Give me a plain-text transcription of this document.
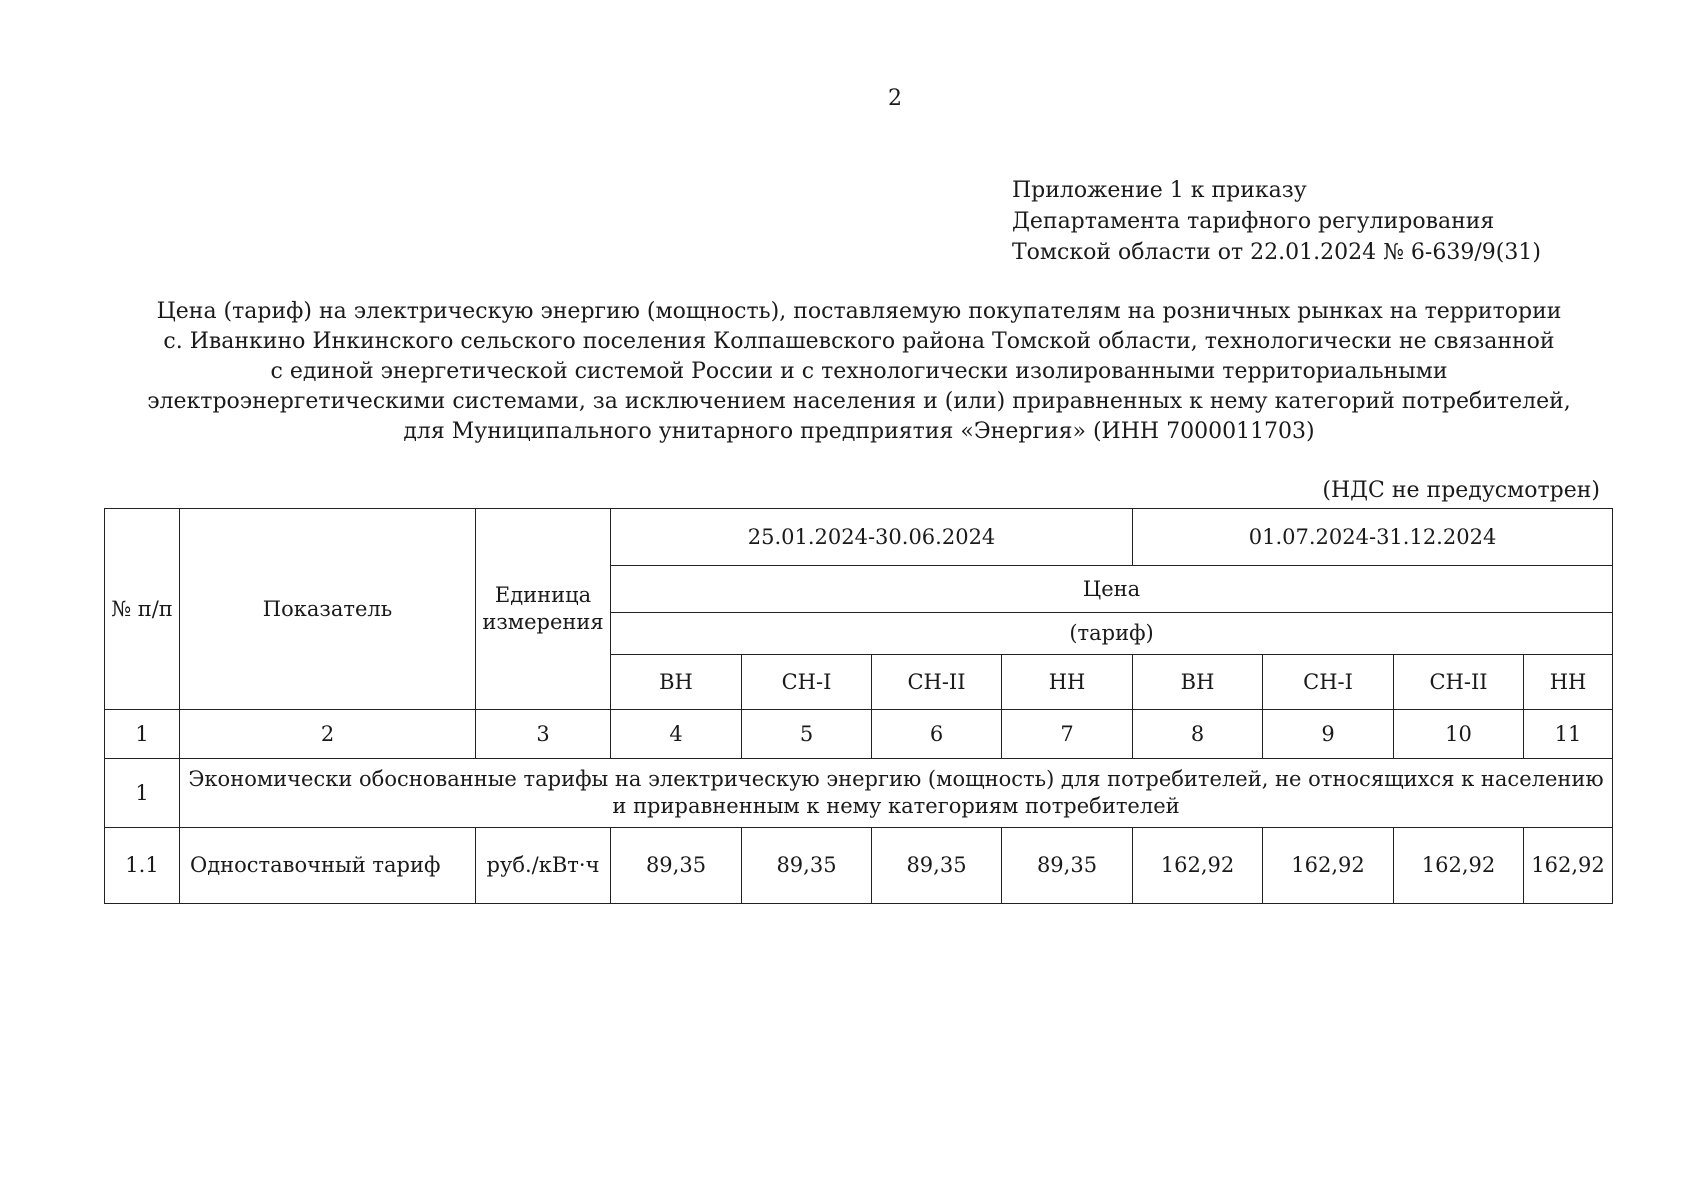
2
Приложение 1 к приказу
Департамента тарифного регулирования
Томской области от 22.01.2024 № 6-639/9(31)
Цена (тариф) на электрическую энергию (мощность), поставляемую покупателям на розничных рынках на территории
с. Иванкино Инкинского сельского поселения Колпашевского района Томской области, технологически не связанной
с единой энергетической системой России и с технологически изолированными территориальными
электроэнергетическими системами, за исключением населения и (или) приравненных к нему категорий потребителей,
для Муниципального унитарного предприятия «Энергия» (ИНН 7000011703)
(НДС не предусмотрен)
№ п/п	Показатель	Единица измерения	25.01.2024-30.06.2024				01.07.2024-31.12.2024			
			Цена							
			(тариф)							
			ВН	СН-I	СН-II	НН	ВН	СН-I	СН-II	НН
1	2	3	4	5	6	7	8	9	10	11
1	Экономически обоснованные тарифы на электрическую энергию (мощность) для потребителей, не относящихся к населению и приравненным к нему категориям потребителей									
1.1	Одноставочный тариф	руб./кВт·ч	89,35	89,35	89,35	89,35	162,92	162,92	162,92	162,92
